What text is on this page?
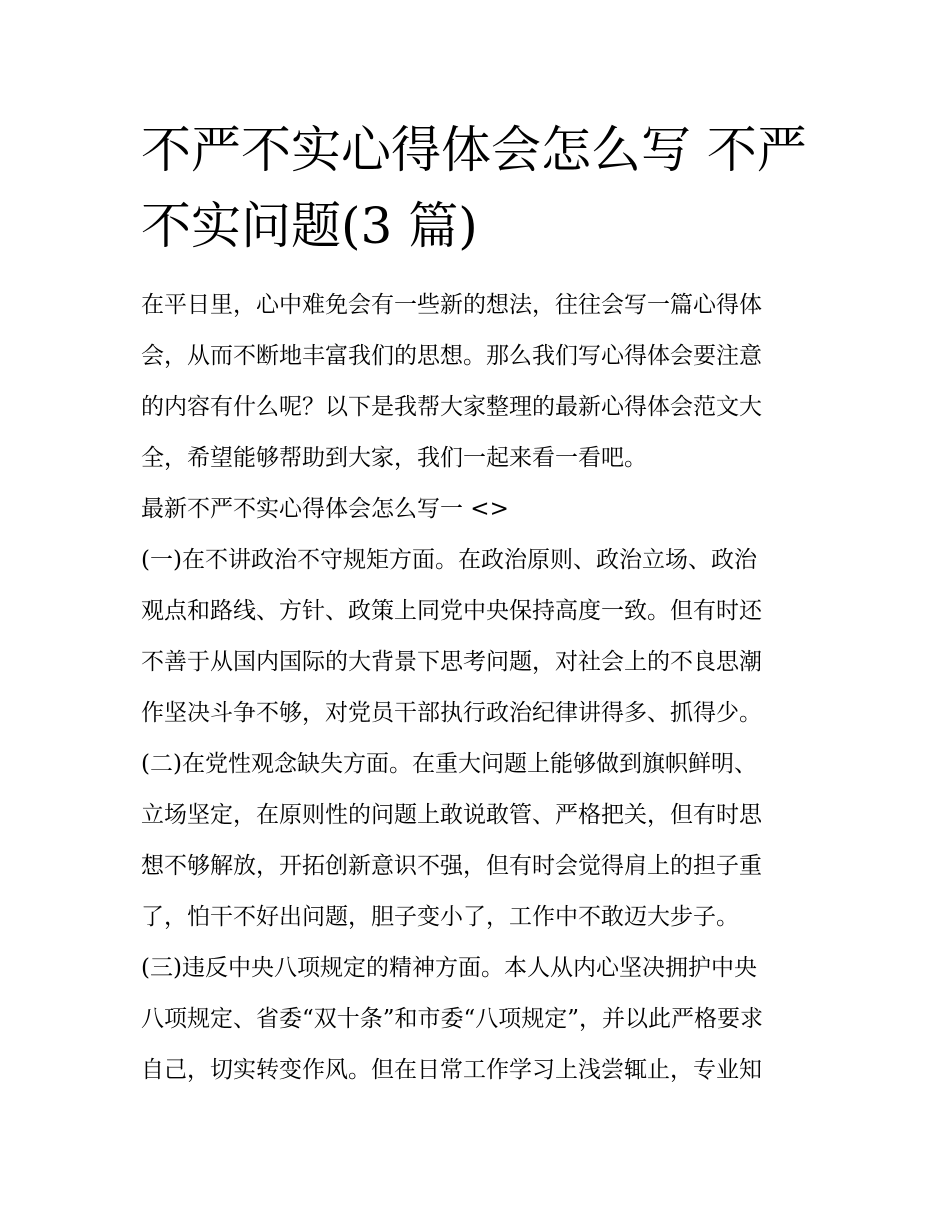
不严不实心得体会怎么写 不严
不实问题(3 篇)
在平日里，心中难免会有一些新的想法，往往会写一篇心得体
会，从而不断地丰富我们的思想。那么我们写心得体会要注意
的内容有什么呢？以下是我帮大家整理的最新心得体会范文大
全，希望能够帮助到大家，我们一起来看一看吧。
最新不严不实心得体会怎么写一 <>
(一)在不讲政治不守规矩方面。在政治原则、政治立场、政治
观点和路线、方针、政策上同党中央保持高度一致。但有时还
不善于从国内国际的大背景下思考问题，对社会上的不良思潮
作坚决斗争不够，对党员干部执行政治纪律讲得多、抓得少。
(二)在党性观念缺失方面。在重大问题上能够做到旗帜鲜明、
立场坚定，在原则性的问题上敢说敢管、严格把关，但有时思
想不够解放，开拓创新意识不强，但有时会觉得肩上的担子重
了，怕干不好出问题，胆子变小了，工作中不敢迈大步子。
(三)违反中央八项规定的精神方面。本人从内心坚决拥护中央
八项规定、省委“双十条”和市委“八项规定”，并以此严格要求
自己，切实转变作风。但在日常工作学习上浅尝辄止，专业知
